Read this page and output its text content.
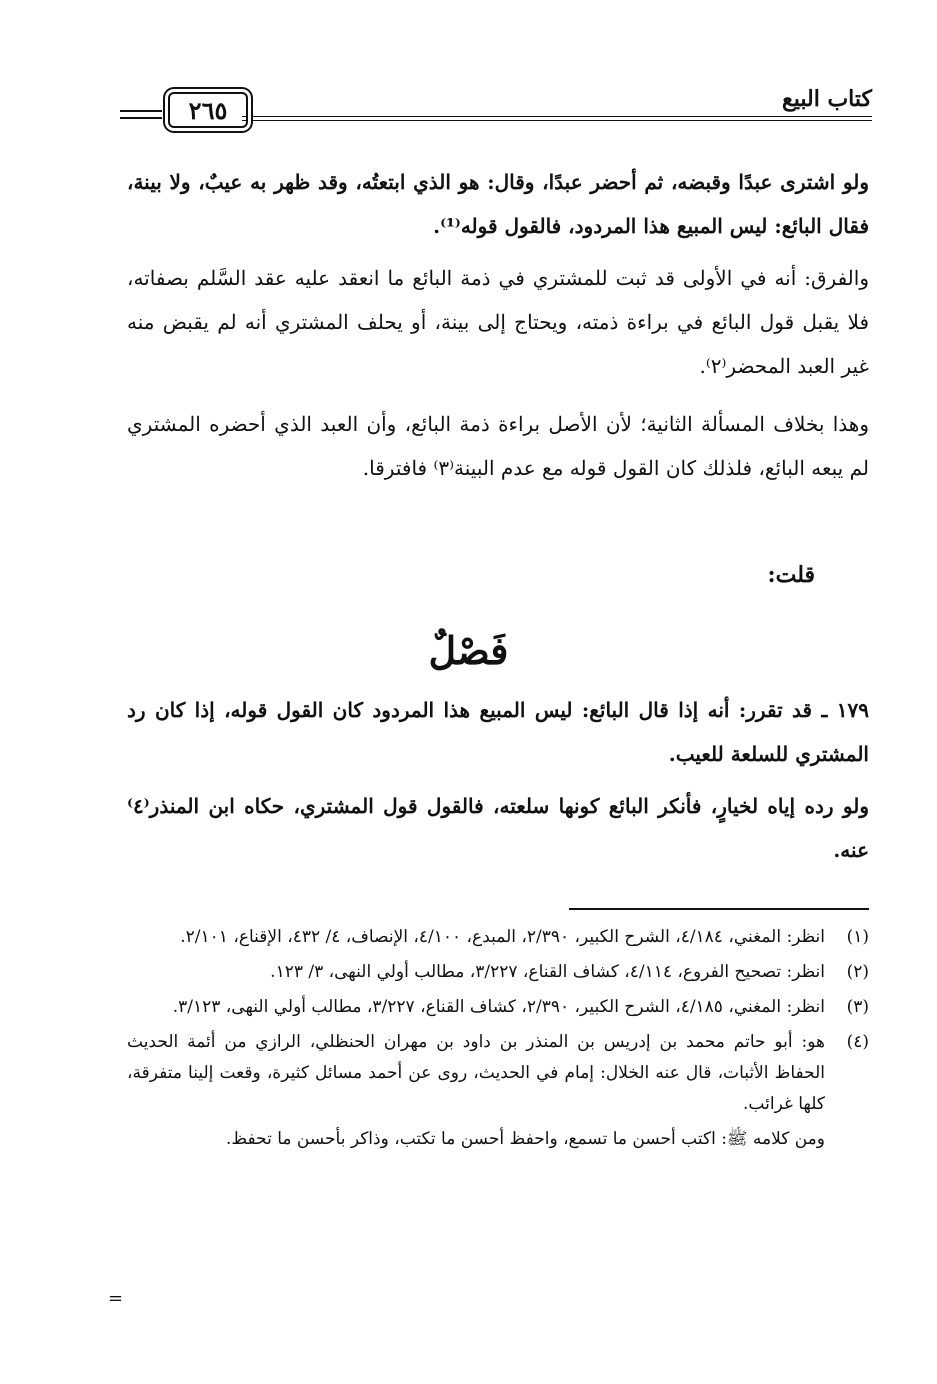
كتاب البيع
٢٦٥

ولو اشترى عبدًا وقبضه، ثم أحضر عبدًا، وقال: هو الذي ابتعتُه، وقد ظهر به عيبٌ، ولا بينة، فقال البائع: ليس المبيع هذا المردود، فالقول قوله⁽¹⁾.

والفرق: أنه في الأولى قد ثبت للمشتري في ذمة البائع ما انعقد عليه عقد السَّلم بصفاته، فلا يقبل قول البائع في براءة ذمته، ويحتاج إلى بينة، أو يحلف المشتري أنه لم يقبض منه غير العبد المحضر⁽٢⁾.

وهذا بخلاف المسألة الثانية؛ لأن الأصل براءة ذمة البائع، وأن العبد الذي أحضره المشتري لم يبعه البائع، فلذلك كان القول قوله مع عدم البينة⁽٣⁾ فافترقا.

قلت:
فَصْلٌ

١٧٩ ـ قد تقرر: أنه إذا قال البائع: ليس المبيع هذا المردود كان القول قوله، إذا كان رد المشتري للسلعة للعيب.

ولو رده إياه لخيارٍ، فأنكر البائع كونها سلعته، فالقول قول المشتري، حكاه ابن المنذر⁽٤⁾ عنه.

(١)
انظر: المغني، ٤/١٨٤، الشرح الكبير، ٢/٣٩٠، المبدع، ٤/١٠٠، الإنصاف، ٤/ ٤٣٢، الإقناع، ٢/١٠١.
(٢)
انظر: تصحيح الفروع، ٤/١١٤، كشاف القناع، ٣/٢٢٧، مطالب أولي النهى، ٣/ ١٢٣.
(٣)
انظر: المغني، ٤/١٨٥، الشرح الكبير، ٢/٣٩٠، كشاف القناع، ٣/٢٢٧، مطالب أولي النهى، ٣/١٢٣.
(٤)
هو: أبو حاتم محمد بن إدريس بن المنذر بن داود بن مهران الحنظلي، الرازي من أئمة الحديث الحفاظ الأثبات، قال عنه الخلال: إمام في الحديث، روى عن أحمد مسائل كثيرة، وقعت إلينا متفرقة، كلها غرائب.

ومن كلامه ﷺ: اكتب أحسن ما تسمع، واحفظ أحسن ما تكتب، وذاكر بأحسن ما تحفظ.

=
